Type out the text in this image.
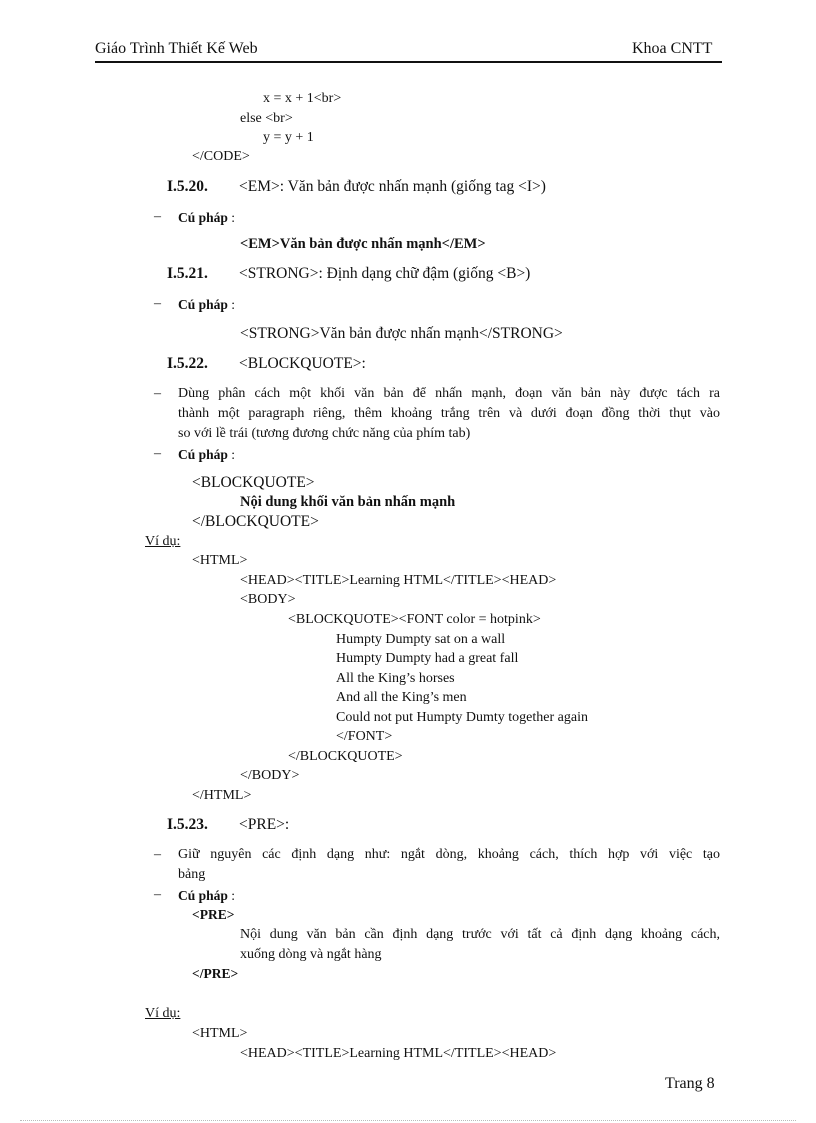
Giáo Trình Thiết Kế Web	Khoa CNTT
x = x + 1<br>
else <br>
y = y + 1
</CODE>
I.5.20. <EM>: Văn bản được nhấn mạnh (giống tag <I>)
– Cú pháp :
<EM>Văn bản được nhấn mạnh</EM>
I.5.21. <STRONG>: Định dạng chữ đậm (giống <B>)
– Cú pháp :
<STRONG>Văn bản được nhấn mạnh</STRONG>
I.5.22. <BLOCKQUOTE>:
– Dùng phân cách một khối văn bản để nhấn mạnh, đoạn văn bản này được tách ra
thành một paragraph riêng, thêm khoảng trắng trên và dưới đoạn đồng thời thụt vào
so với lề trái (tương đương chức năng của phím tab)
– Cú pháp :
<BLOCKQUOTE>
Nội dung khối văn bản nhấn mạnh
</BLOCKQUOTE>
Ví dụ:
<HTML>
<HEAD><TITLE>Learning HTML</TITLE><HEAD>
<BODY>
<BLOCKQUOTE><FONT color = hotpink>
Humpty Dumpty sat on a wall
Humpty Dumpty had a great fall
All the King’s horses
And all the King’s men
Could not put Humpty Dumty together again
</FONT>
</BLOCKQUOTE>
</BODY>
</HTML>
I.5.23. <PRE>:
– Giữ nguyên các định dạng như: ngắt dòng, khoảng cách, thích hợp với việc tạo
bảng
– Cú pháp :
<PRE>
Nội dung văn bản cần định dạng trước với tất cả định dạng khoảng cách,
xuống dòng và ngắt hàng
</PRE>
Ví dụ:
<HTML>
<HEAD><TITLE>Learning HTML</TITLE><HEAD>
Trang 8
